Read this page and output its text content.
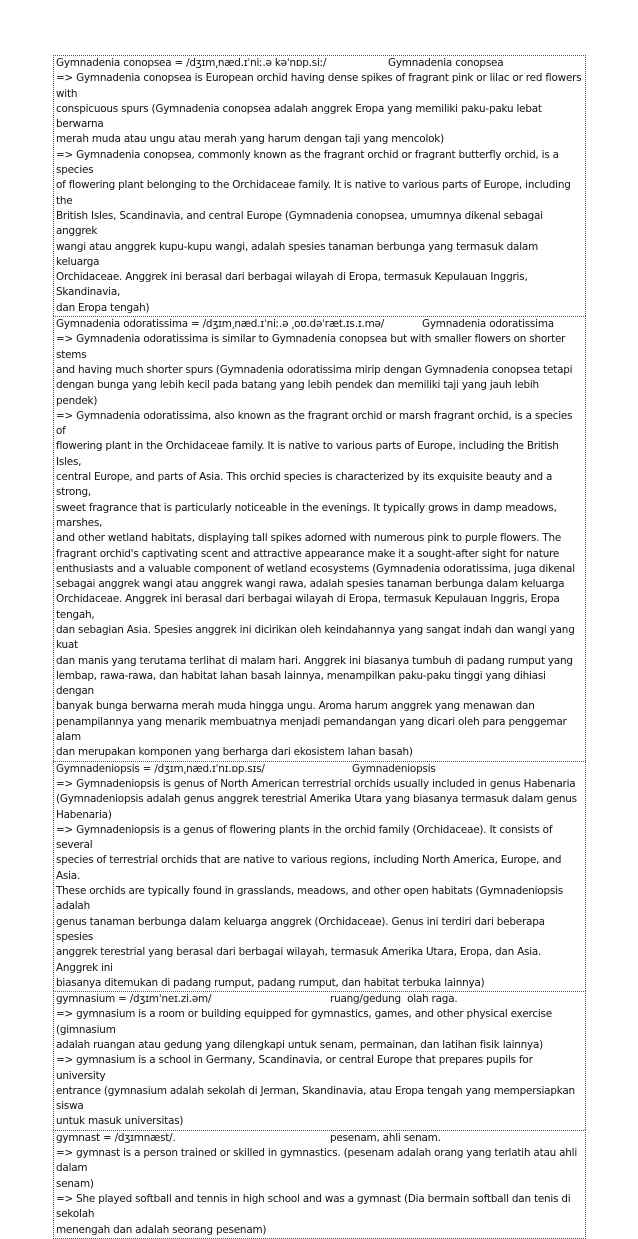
Gymnadenia conopsea = /dʒɪm͵næd.ɪˈniː.ə kəˈnɒp.siː/

	Gymnadenia conopsea

=> Gymnadenia conopsea is European orchid having dense spikes of fragrant pink or lilac or red flowers with
conspicuous spurs (Gymnadenia conopsea adalah anggrek Eropa yang memiliki paku-paku lebat berwarna
merah muda atau ungu atau merah yang harum dengan taji yang mencolok)
=> Gymnadenia conopsea, commonly known as the fragrant orchid or fragrant butterfly orchid, is a species
of flowering plant belonging to the Orchidaceae family. It is native to various parts of Europe, including the
British Isles, Scandinavia, and central Europe (Gymnadenia conopsea, umumnya dikenal sebagai anggrek
wangi atau anggrek kupu-kupu wangi, adalah spesies tanaman berbunga yang termasuk dalam keluarga
Orchidaceae. Anggrek ini berasal dari berbagai wilayah di Eropa, termasuk Kepulauan Inggris, Skandinavia,
dan Eropa tengah)

Gymnadenia odoratissima = /dʒɪm͵næd.ɪˈniː.ə ͵oʊ.dəˈræt.ɪs.ɪ.mə/

	Gymnadenia odoratissima

=> Gymnadenia odoratissima is similar to Gymnadenia conopsea but with smaller flowers on shorter stems
and having much shorter spurs (Gymnadenia odoratissima mirip dengan Gymnadenia conopsea tetapi
dengan bunga yang lebih kecil pada batang yang lebih pendek dan memiliki taji yang jauh lebih pendek)
=> Gymnadenia odoratissima, also known as the fragrant orchid or marsh fragrant orchid, is a species of
flowering plant in the Orchidaceae family. It is native to various parts of Europe, including the British Isles,
central Europe, and parts of Asia. This orchid species is characterized by its exquisite beauty and a strong,
sweet fragrance that is particularly noticeable in the evenings. It typically grows in damp meadows, marshes,
and other wetland habitats, displaying tall spikes adorned with numerous pink to purple flowers. The
fragrant orchid's captivating scent and attractive appearance make it a sought-after sight for nature
enthusiasts and a valuable component of wetland ecosystems (Gymnadenia odoratissima, juga dikenal
sebagai anggrek wangi atau anggrek wangi rawa, adalah spesies tanaman berbunga dalam keluarga
Orchidaceae. Anggrek ini berasal dari berbagai wilayah di Eropa, termasuk Kepulauan Inggris, Eropa tengah,
dan sebagian Asia. Spesies anggrek ini dicirikan oleh keindahannya yang sangat indah dan wangi yang kuat
dan manis yang terutama terlihat di malam hari. Anggrek ini biasanya tumbuh di padang rumput yang
lembap, rawa-rawa, dan habitat lahan basah lainnya, menampilkan paku-paku tinggi yang dihiasi dengan
banyak bunga berwarna merah muda hingga ungu. Aroma harum anggrek yang menawan dan
penampilannya yang menarik membuatnya menjadi pemandangan yang dicari oleh para penggemar alam
dan merupakan komponen yang berharga dari ekosistem lahan basah)

Gymnadeniopsis = /dʒɪm͵næd.ɪˈnɪ.ɒp.sɪs/

	Gymnadeniopsis

=> Gymnadeniopsis is genus of North American terrestrial orchids usually included in genus Habenaria
(Gymnadeniopsis adalah genus anggrek terestrial Amerika Utara yang biasanya termasuk dalam genus
Habenaria)
=> Gymnadeniopsis is a genus of flowering plants in the orchid family (Orchidaceae). It consists of several
species of terrestrial orchids that are native to various regions, including North America, Europe, and Asia.
These orchids are typically found in grasslands, meadows, and other open habitats (Gymnadeniopsis adalah
genus tanaman berbunga dalam keluarga anggrek (Orchidaceae). Genus ini terdiri dari beberapa spesies
anggrek terestrial yang berasal dari berbagai wilayah, termasuk Amerika Utara, Eropa, dan Asia. Anggrek ini
biasanya ditemukan di padang rumput, padang rumput, dan habitat terbuka lainnya)

gymnasium = /dʒɪmˈneɪ.zi.əm/

	ruang/gedung  olah raga.

=> gymnasium is a room or building equipped for gymnastics, games, and other physical exercise (gimnasium
adalah ruangan atau gedung yang dilengkapi untuk senam, permainan, dan latihan fisik lainnya)
=> gymnasium is a school in Germany, Scandinavia, or central Europe that prepares pupils for university
entrance (gymnasium adalah sekolah di Jerman, Skandinavia, atau Eropa tengah yang mempersiapkan siswa
untuk masuk universitas)

gymnast = /dʒɪmnæst/.

	pesenam, ahli senam.

=> gymnast is a person trained or skilled in gymnastics. (pesenam adalah orang yang terlatih atau ahli dalam
senam)
=> She played softball and tennis in high school and was a gymnast (Dia bermain softball dan tenis di sekolah
menengah dan adalah seorang pesenam)
